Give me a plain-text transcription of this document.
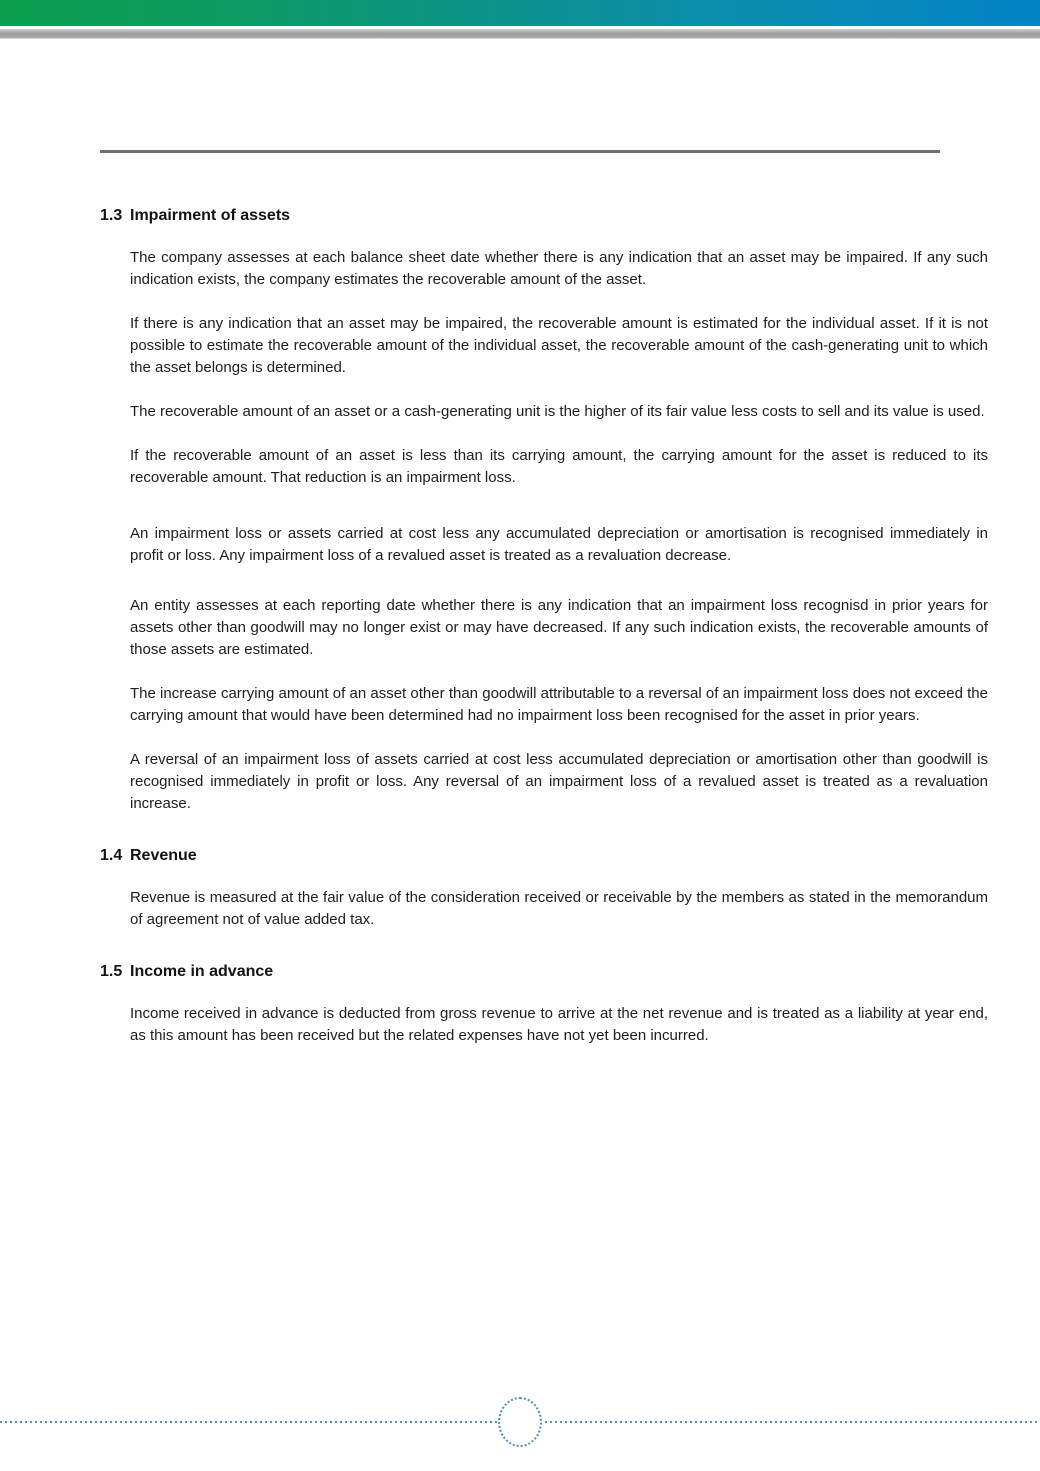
1.3 Impairment of assets

The company assesses at each balance sheet date whether there is any indication that an asset may be impaired. If any such indication exists, the company estimates the recoverable amount of the asset.

If there is any indication that an asset may be impaired, the recoverable amount is estimated for the individual asset. If it is not possible to estimate the recoverable amount of the individual asset, the recoverable amount of the cash-generating unit to which the asset belongs is determined.

The recoverable amount of an asset or a cash-generating unit is the higher of its fair value less costs to sell and its value is used.

If the recoverable amount of an asset is less than its carrying amount, the carrying amount for the asset is reduced to its recoverable amount. That reduction is an impairment loss.

An impairment loss or assets carried at cost less any accumulated depreciation or amortisation is recognised immediately in profit or loss. Any impairment loss of a revalued asset is treated as a revaluation decrease.

An entity assesses at each reporting date whether there is any indication that an impairment loss recognisd in prior years for assets other than goodwill may no longer exist or may have decreased. If any such indication exists, the recoverable amounts of those assets are estimated.

The increase carrying amount of an asset other than goodwill attributable to a reversal of an impairment loss does not exceed the carrying amount that would have been determined had no impairment loss been recognised for the asset in prior years.

A reversal of an impairment loss of assets carried at cost less accumulated depreciation or amortisation other than goodwill is recognised immediately in profit or loss. Any reversal of an impairment loss of a revalued asset is treated as a revaluation increase.

1.4 Revenue

Revenue is measured at the fair value of the consideration received or receivable by the members as stated in the memorandum of agreement not of value added tax.

1.5 Income in advance

Income received in advance is deducted from gross revenue to arrive at the net revenue and is treated as a liability at year end, as this amount has been received but the related expenses have not yet been incurred.
